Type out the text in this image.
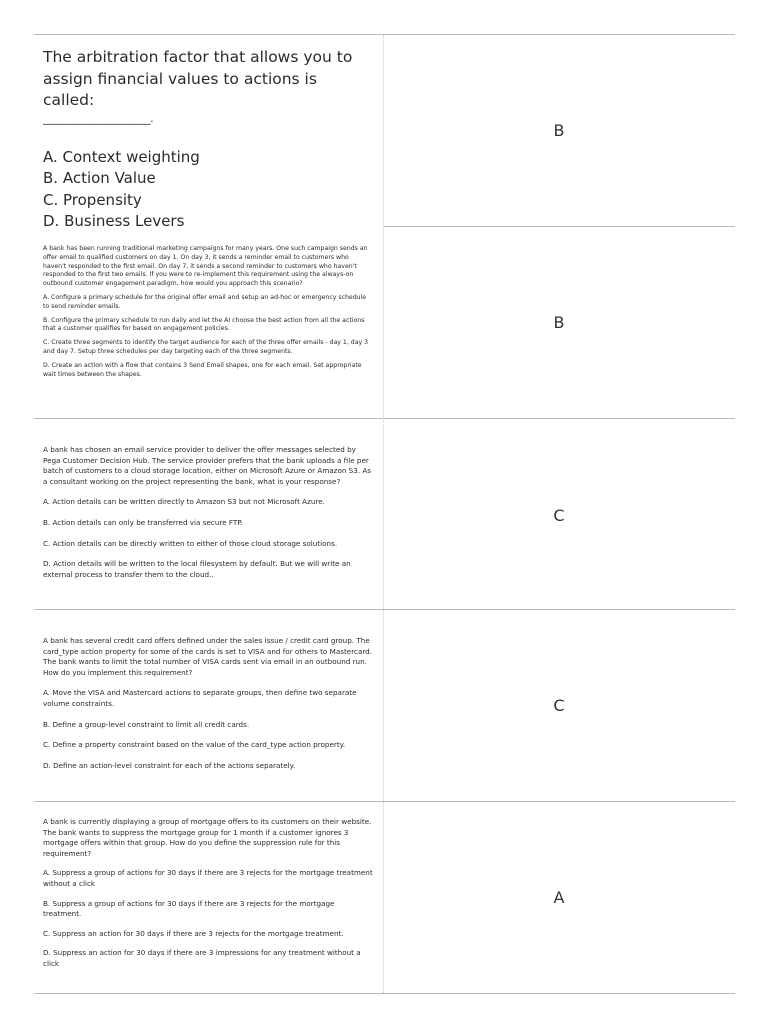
The arbitration factor that allows you to assign financial values to actions is called:

_____________________.

A. Context weighting

B. Action Value

C. Propensity

D. Business Levers

B

A bank has been running traditional marketing campaigns for many years. One such campaign sends an offer email to qualified customers on day 1. On day 3, it sends a reminder email to customers who haven't responded to the first email. On day 7, it sends a second reminder to customers who haven't responded to the first two emails. If you were to re-implement this requirement using the always-on outbound customer engagement paradigm, how would you approach this scenario?

A. Configure a primary schedule for the original offer email and setup an ad-hoc or emergency schedule to send reminder emails.

B. Configure the primary schedule to run daily and let the AI choose the best action from all the actions that a customer qualifies for based on engagement policies.

C. Create three segments to identify the target audience for each of the three offer emails - day 1, day 3 and day 7. Setup three schedules per day targeting each of the three segments.

D. Create an action with a flow that contains 3 Send Email shapes, one for each email. Set appropriate wait times between the shapes.

B

A bank has chosen an email service provider to deliver the offer messages selected by Pega Customer Decision Hub. The service provider prefers that the bank uploads a file per batch of customers to a cloud storage location, either on Microsoft Azure or Amazon S3. As a consultant working on the project representing the bank, what is your response?

A. Action details can be written directly to Amazon S3 but not Microsoft Azure.

B. Action details can only be transferred via secure FTP.

C. Action details can be directly written to either of those cloud storage solutions.

D. Action details will be written to the local filesystem by default. But we will write an external process to transfer them to the cloud..

C

A bank has several credit card offers defined under the sales issue / credit card group. The card_type action property for some of the cards is set to VISA and for others to Mastercard. The bank wants to limit the total number of VISA cards sent via email in an outbound run. How do you implement this requirement?

A. Move the VISA and Mastercard actions to separate groups, then define two separate volume constraints.

B. Define a group-level constraint to limit all credit cards.

C. Define a property constraint based on the value of the card_type action property.

D. Define an action-level constraint for each of the actions separately.

C

A bank is currently displaying a group of mortgage offers to its customers on their website. The bank wants to suppress the mortgage group for 1 month if a customer ignores 3 mortgage offers within that group. How do you define the suppression rule for this requirement?

A. Suppress a group of actions for 30 days if there are 3 rejects for the mortgage treatment without a click

B. Suppress a group of actions for 30 days if there are 3 rejects for the mortgage treatment.

C. Suppress an action for 30 days if there are 3 rejects for the mortgage treatment.

D. Suppress an action for 30 days if there are 3 impressions for any treatment without a click

A
